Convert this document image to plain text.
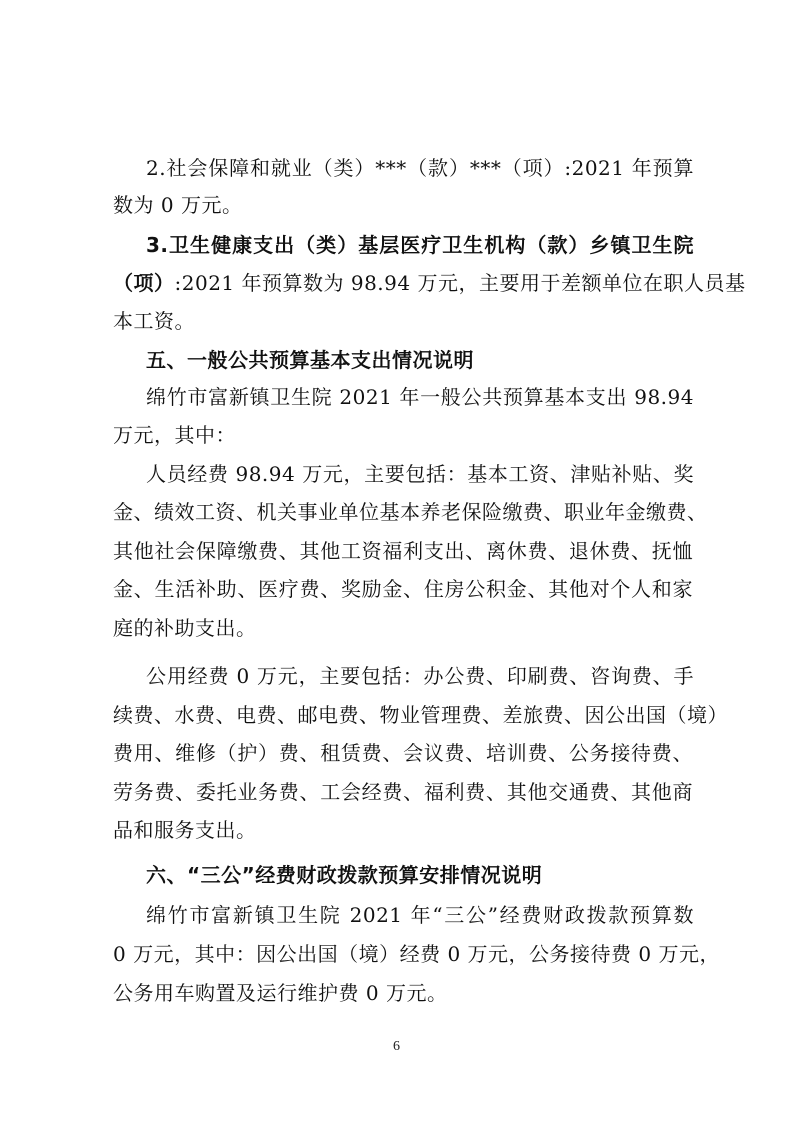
2.社会保障和就业（类）***（款）***（项）:2021 年预算
数为 0 万元。
3.卫生健康支出（类）基层医疗卫生机构（款）乡镇卫生院
（项）:2021 年预算数为 98.94 万元，主要用于差额单位在职人员基
本工资。
五、一般公共预算基本支出情况说明
绵竹市富新镇卫生院 2021 年一般公共预算基本支出 98.94
万元，其中：
人员经费 98.94 万元，主要包括：基本工资、津贴补贴、奖
金、绩效工资、机关事业单位基本养老保险缴费、职业年金缴费、
其他社会保障缴费、其他工资福利支出、离休费、退休费、抚恤
金、生活补助、医疗费、奖励金、住房公积金、其他对个人和家
庭的补助支出。
公用经费 0 万元，主要包括：办公费、印刷费、咨询费、手
续费、水费、电费、邮电费、物业管理费、差旅费、因公出国（境）
费用、维修（护）费、租赁费、会议费、培训费、公务接待费、
劳务费、委托业务费、工会经费、福利费、其他交通费、其他商
品和服务支出。
六、“三公”经费财政拨款预算安排情况说明
绵竹市富新镇卫生院 2021 年“三公”经费财政拨款预算数
0 万元，其中：因公出国（境）经费 0 万元，公务接待费 0 万元，
公务用车购置及运行维护费 0 万元。
6
